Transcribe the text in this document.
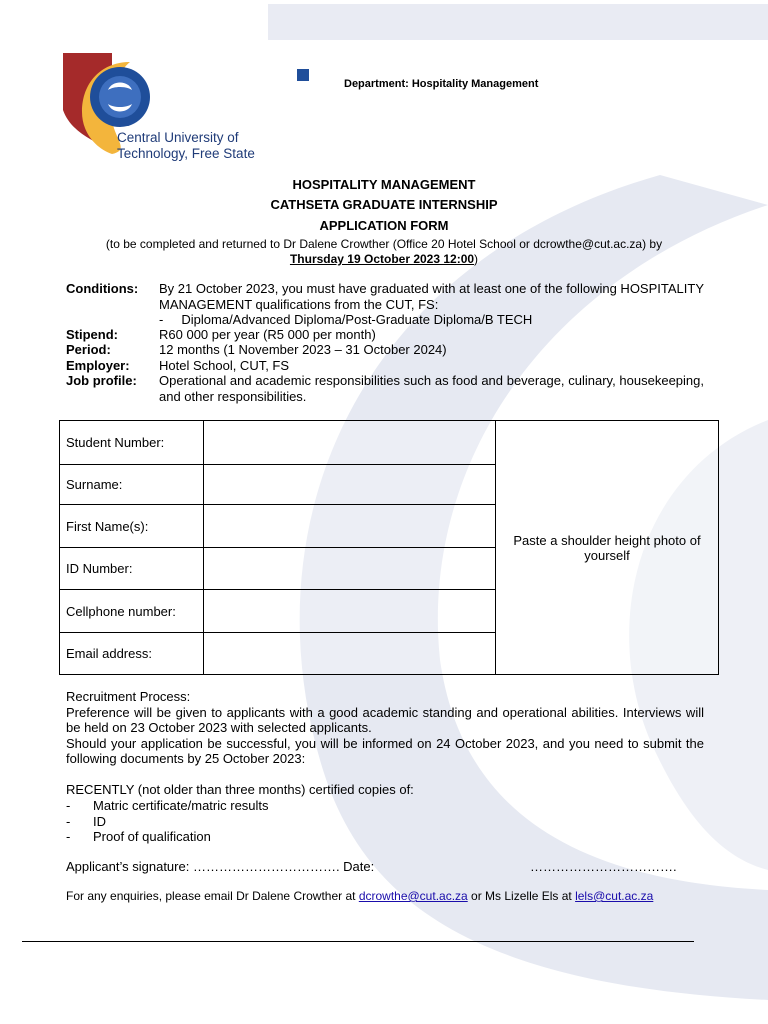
Central University of
Technology, Free State
Department: Hospitality Management
HOSPITALITY MANAGEMENT
CATHSETA GRADUATE INTERNSHIP
APPLICATION FORM
(to be completed and returned to Dr Dalene Crowther (Office 20 Hotel School or dcrowthe@cut.ac.za) by
Thursday 19 October 2023 12:00)
Conditions: By 21 October 2023, you must have graduated with at least one of the following HOSPITALITY MANAGEMENT qualifications from the CUT, FS:
-     Diploma/Advanced Diploma/Post-Graduate Diploma/B TECH
Stipend:	R60 000 per year (R5 000 per month)
Period:	12 months (1 November 2023 – 31 October 2024)
Employer: Hotel School, CUT, FS
Job profile: Operational and academic responsibilities such as food and beverage, culinary, housekeeping, and other responsibilities.
Student Number:		Paste a shoulder height photo of yourself
Surname:		
First Name(s):		
ID Number:		
Cellphone number:		
Email address:		

Recruitment Process:

Preference will be given to applicants with a good academic standing and operational abilities. Interviews will be held on 23 October 2023 with selected applicants.

Should your application be successful, you will be informed on 24 October 2023, and you need to submit the following documents by 25 October 2023:

RECENTLY (not older than three months) certified copies of:
- Matric certificate/matric results
- ID
- Proof of qualification
Applicant’s signature: ……………………………. Date:	…………………………….
For any enquiries, please email Dr Dalene Crowther at dcrowthe@cut.ac.za or Ms Lizelle Els at lels@cut.ac.za
